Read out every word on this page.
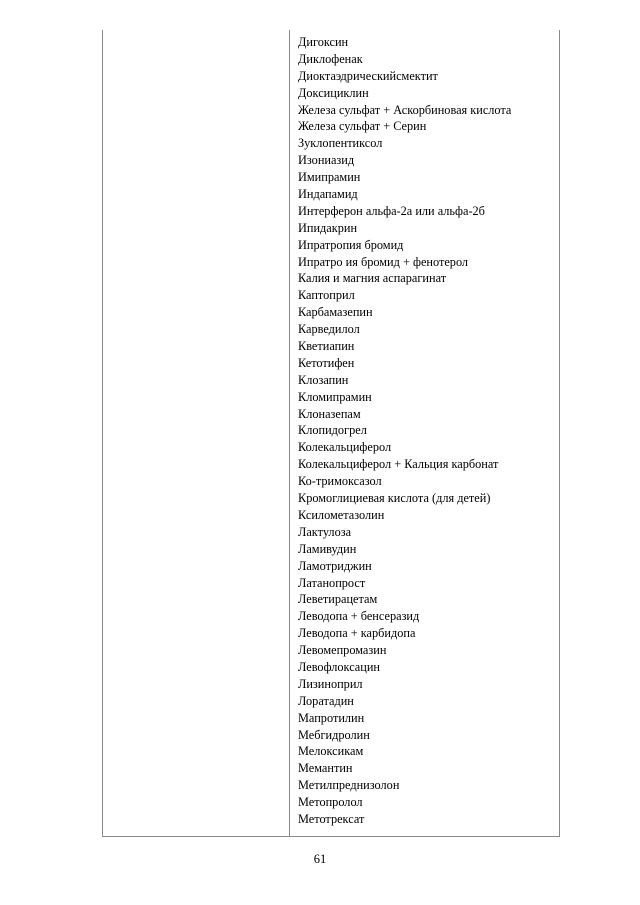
Дигоксин
Диклофенак
Диоктаэдрическийсмектит
Доксициклин
Железа сульфат + Аскорбиновая кислота
Железа сульфат + Серин
Зуклопентиксол
Изониазид
Имипрамин
Индапамид
Интерферон альфа-2а или альфа-2б
Ипидакрин
Ипратропия бромид
Ипратро ия бромид + фенотерол
Калия и магния аспарагинат
Каптоприл
Карбамазепин
Карведилол
Кветиапин
Кетотифен
Клозапин
Кломипрамин
Клоназепам
Клопидогрел
Колекальциферол
Колекальциферол + Кальция карбонат
Ко-тримоксазол
Кромоглициевая кислота (для детей)
Ксилометазолин
Лактулоза
Ламивудин
Ламотриджин
Латанопрост
Леветирацетам
Леводопа + бенсеразид
Леводопа + карбидопа
Левомепромазин
Левофлоксацин
Лизиноприл
Лоратадин
Мапротилин
Мебгидролин
Мелоксикам
Мемантин
Метилпреднизолон
Метопролол
Метотрексат
61
